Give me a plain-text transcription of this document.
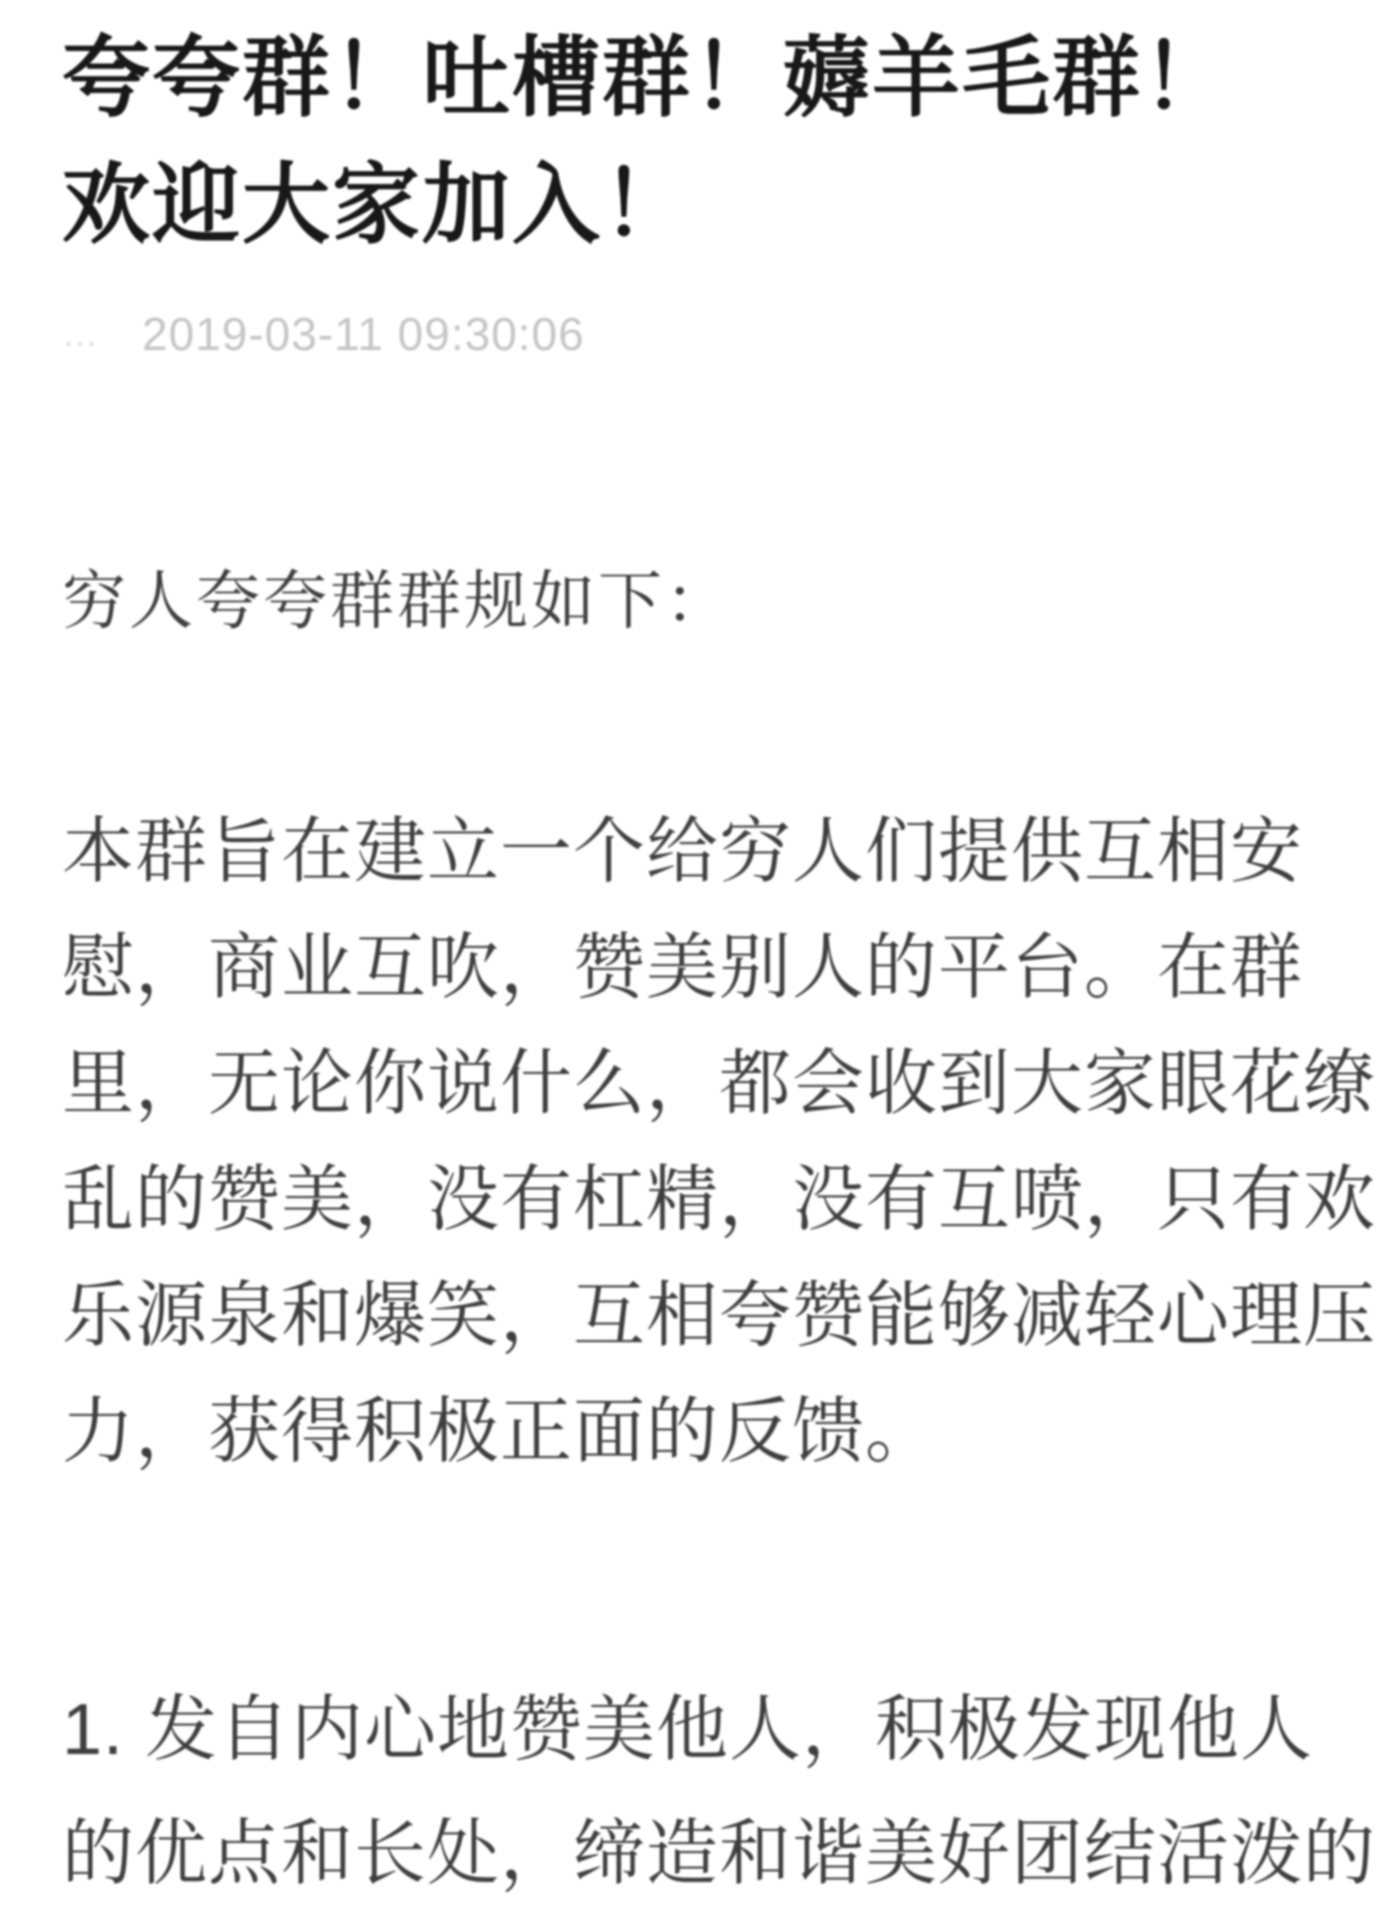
夸夸群！吐槽群！薅羊毛群！
欢迎大家加入！
… 2019-03-11 09:30:06

穷人夸夸群群规如下：

本群旨在建立一个给穷人们提供互相安
慰，商业互吹，赞美别人的平台。在群
里，无论你说什么，都会收到大家眼花缭
乱的赞美，没有杠精，没有互喷，只有欢
乐源泉和爆笑，互相夸赞能够减轻心理压
力，获得积极正面的反馈。
1. 发自内心地赞美他人，积极发现他人
的优点和长处，缔造和谐美好团结活泼的
